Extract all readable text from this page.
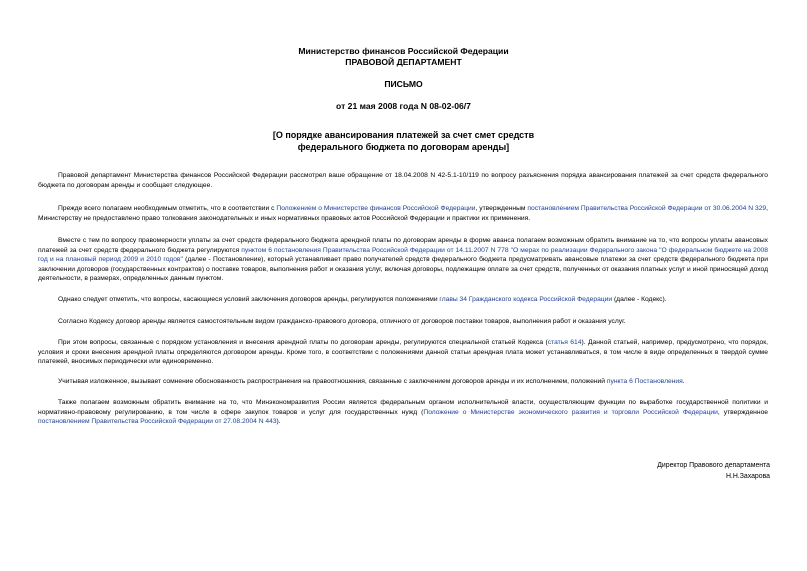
Министерство финансов Российской Федерации
ПРАВОВОЙ ДЕПАРТАМЕНТ
ПИСЬМО
от 21 мая 2008 года N 08-02-06/7
[О порядке авансирования платежей за счет смет средств
федерального бюджета по договорам аренды]
Правовой департамент Министерства финансов Российской Федерации рассмотрел ваше обращение от 18.04.2008 N 42-5.1-10/119 по вопросу разъяснения порядка авансирования платежей за счет средств федерального бюджета по договорам аренды и сообщает следующее.
Прежде всего полагаем необходимым отметить, что в соответствии с Положением о Министерстве финансов Российской Федерации, утвержденным постановлением Правительства Российской Федерации от 30.06.2004 N 329, Министерству не предоставлено право толкования законодательных и иных нормативных правовых актов Российской Федерации и практики их применения.
Вместе с тем по вопросу правомерности уплаты за счет средств федерального бюджета арендной платы по договорам аренды в форме аванса полагаем возможным обратить внимание на то, что вопросы уплаты авансовых платежей за счет средств федерального бюджета регулируются пунктом 6 постановления Правительства Российской Федерации от 14.11.2007 N 778 "О мерах по реализации Федерального закона "О федеральном бюджете на 2008 год и на плановый период 2009 и 2010 годов" (далее - Постановление), который устанавливает право получателей средств федерального бюджета предусматривать авансовые платежи за счет средств федерального бюджета при заключении договоров (государственных контрактов) о поставке товаров, выполнения работ и оказания услуг, включая договоры, подлежащие оплате за счет средств, полученных от оказания платных услуг и иной приносящей доход деятельности, в размерах, определенных данным пунктом.
Однако следует отметить, что вопросы, касающиеся условий заключения договоров аренды, регулируются положениями главы 34 Гражданского кодекса Российской Федерации (далее - Кодекс).
Согласно Кодексу договор аренды является самостоятельным видом гражданско-правового договора, отличного от договоров поставки товаров, выполнения работ и оказания услуг.
При этом вопросы, связанные с порядком установления и внесения арендной платы по договорам аренды, регулируются специальной статьей Кодекса (статья 614). Данной статьей, например, предусмотрено, что порядок, условия и сроки внесения арендной платы определяются договором аренды. Кроме того, в соответствии с положениями данной статьи арендная плата может устанавливаться, в том числе в виде определенных в твердой сумме платежей, вносимых периодически или единовременно.
Учитывая изложенное, вызывает сомнение обоснованность распространения на правоотношения, связанные с заключением договоров аренды и их исполнением, положений пункта 6 Постановления.
Также полагаем возможным обратить внимание на то, что Минэкономразвития России является федеральным органом исполнительной власти, осуществляющим функции по выработке государственной политики и нормативно-правовому регулированию, в том числе в сфере закупок товаров и услуг для государственных нужд (Положение о Министерстве экономического развития и торговли Российской Федерации, утвержденное постановлением Правительства Российской Федерации от 27.08.2004 N 443).
Директор Правового департамента
Н.Н.Захарова
